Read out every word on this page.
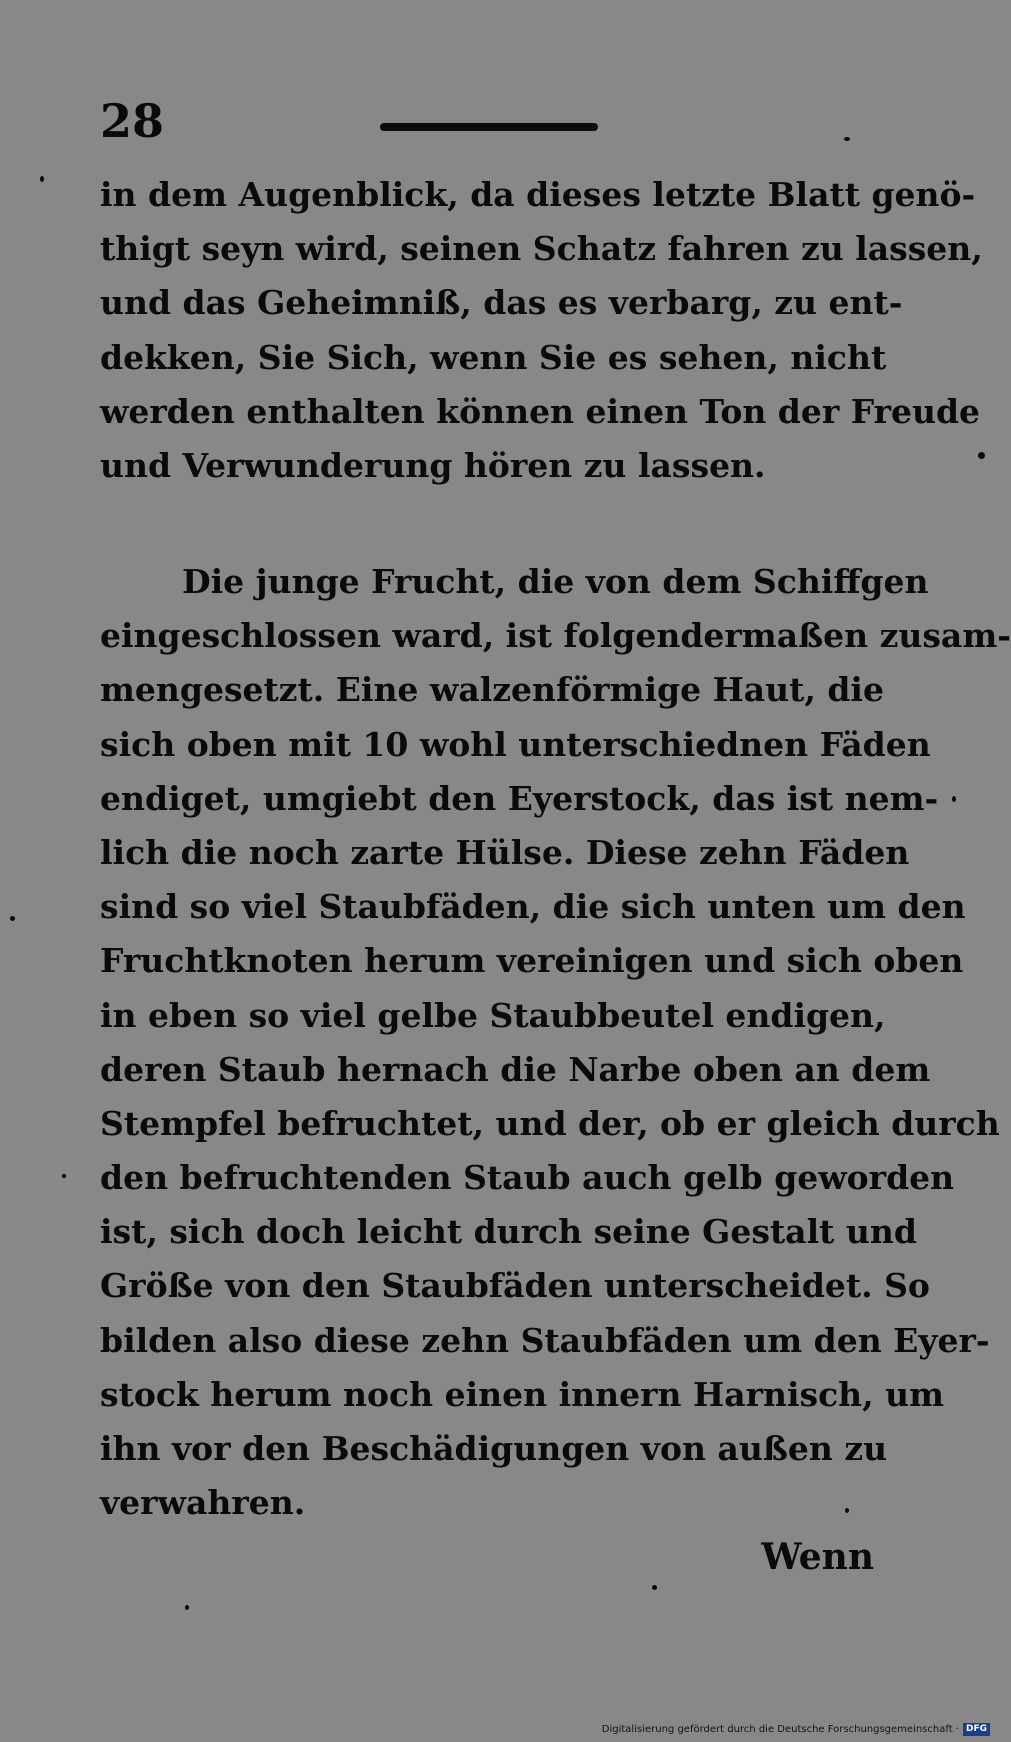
28
in dem Augenblick, da dieses letzte Blatt genö-
thigt seyn wird, seinen Schatz fahren zu lassen,
und das Geheimniß, das es verbarg, zu ent-
dekken, Sie Sich, wenn Sie es sehen, nicht
werden enthalten können einen Ton der Freude
und Verwunderung hören zu lassen.
Die junge Frucht, die von dem Schiffgen
eingeschlossen ward, ist folgendermaßen zusam-
mengesetzt. Eine walzenförmige Haut, die
sich oben mit 10 wohl unterschiednen Fäden
endiget, umgiebt den Eyerstock, das ist nem-
lich die noch zarte Hülse. Diese zehn Fäden
sind so viel Staubfäden, die sich unten um den
Fruchtknoten herum vereinigen und sich oben
in eben so viel gelbe Staubbeutel endigen,
deren Staub hernach die Narbe oben an dem
Stempfel befruchtet, und der, ob er gleich durch
den befruchtenden Staub auch gelb geworden
ist, sich doch leicht durch seine Gestalt und
Größe von den Staubfäden unterscheidet. So
bilden also diese zehn Staubfäden um den Eyer-
stock herum noch einen innern Harnisch, um
ihn vor den Beschädigungen von außen zu
verwahren.
Wenn
Digitalisierung gefördert durch die Deutsche Forschungsgemeinschaft · DFG
